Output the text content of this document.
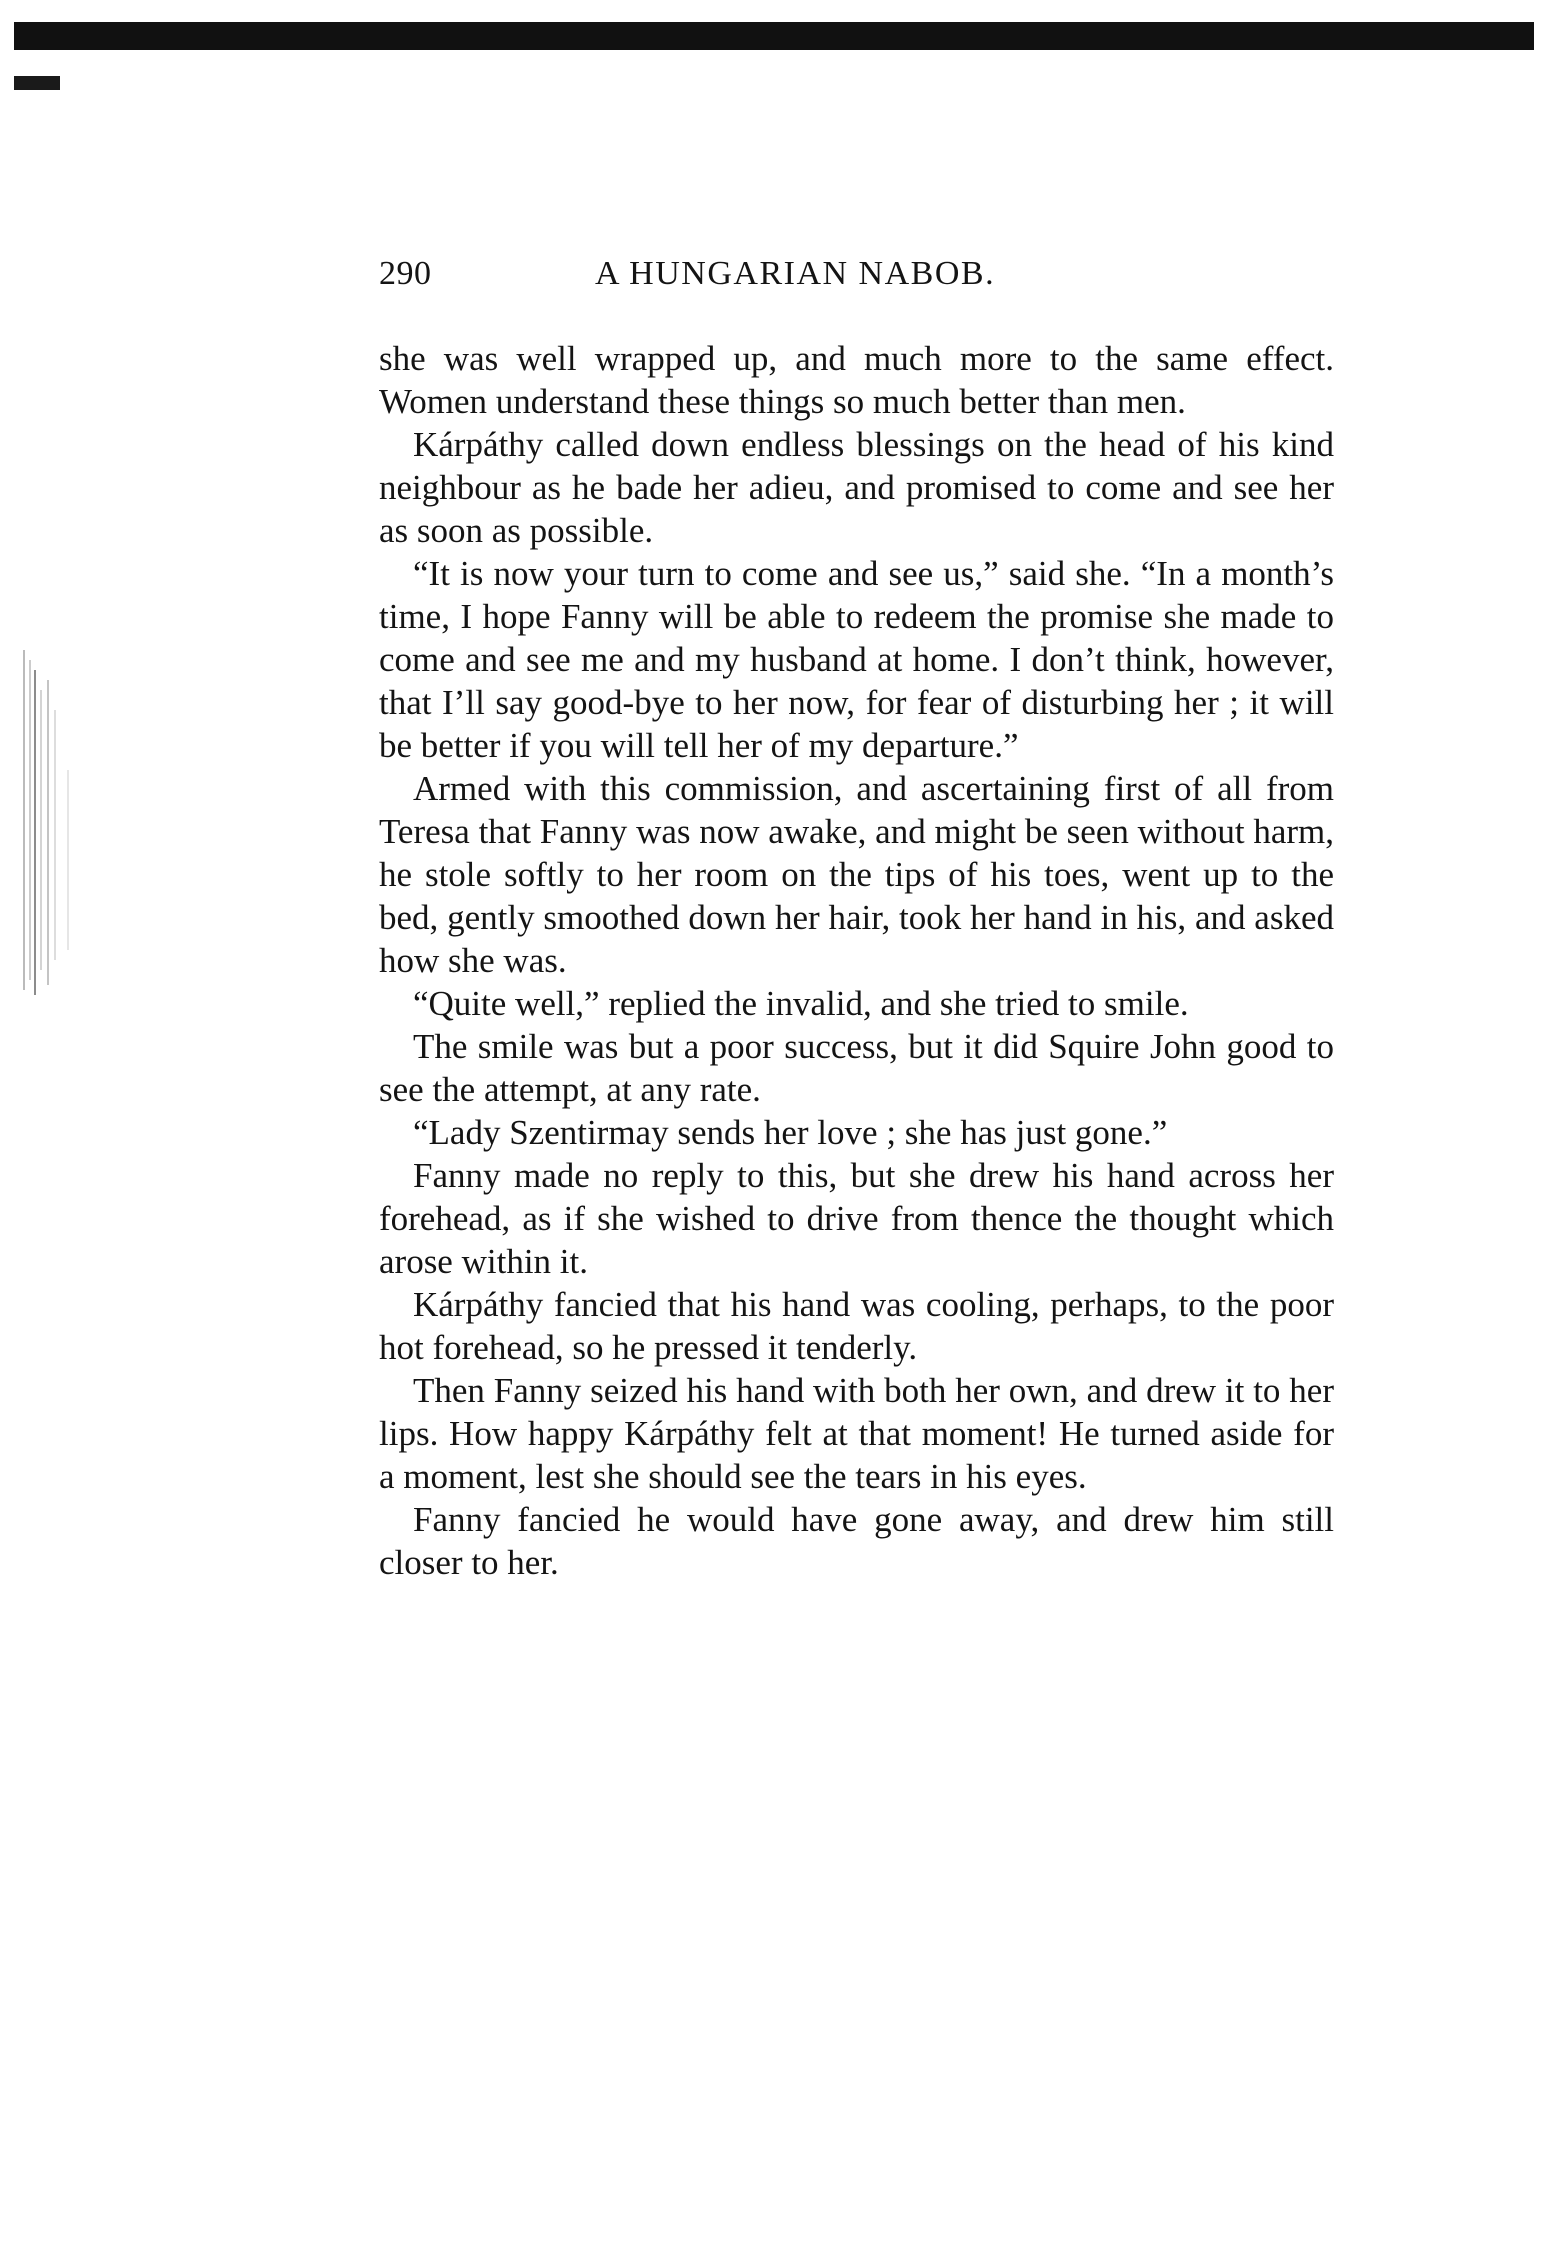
290	A HUNGARIAN NABOB.

she was well wrapped up, and much more to the same effect. Women understand these things so much better than men.

Kárpáthy called down endless blessings on the head of his kind neighbour as he bade her adieu, and promised to come and see her as soon as possible.

“It is now your turn to come and see us,” said she. “In a month’s time, I hope Fanny will be able to redeem the promise she made to come and see me and my husband at home. I don’t think, however, that I’ll say good-bye to her now, for fear of disturbing her ; it will be better if you will tell her of my departure.”

Armed with this commission, and ascertaining first of all from Teresa that Fanny was now awake, and might be seen without harm, he stole softly to her room on the tips of his toes, went up to the bed, gently smoothed down her hair, took her hand in his, and asked how she was.

“Quite well,” replied the invalid, and she tried to smile.

The smile was but a poor success, but it did Squire John good to see the attempt, at any rate.

“Lady Szentirmay sends her love ; she has just gone.”

Fanny made no reply to this, but she drew his hand across her forehead, as if she wished to drive from thence the thought which arose within it.

Kárpáthy fancied that his hand was cooling, perhaps, to the poor hot forehead, so he pressed it tenderly.

Then Fanny seized his hand with both her own, and drew it to her lips. How happy Kárpáthy felt at that moment! He turned aside for a moment, lest she should see the tears in his eyes.

Fanny fancied he would have gone away, and drew him still closer to her.
